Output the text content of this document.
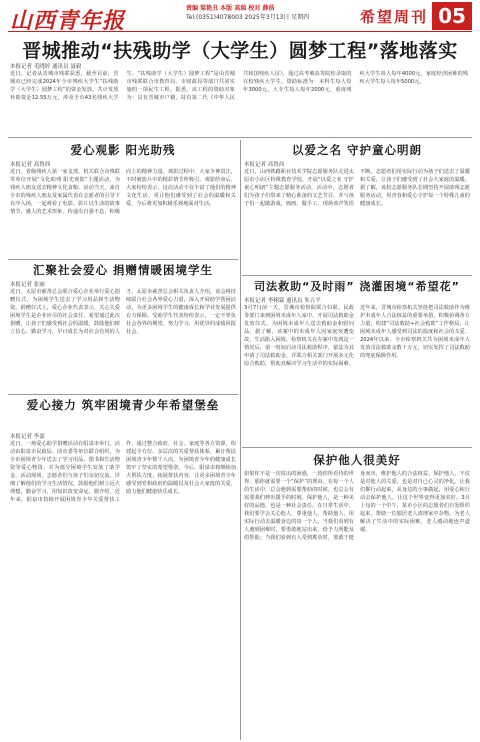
山西青年报	责编 梁艳丑 本版 高瑞 校对 薛浩
Tel:(0351)4078003 2025年3月13日 星期四	希望周刊 05
晋城推动“扶残助学（大学生）圆梦工程”落地落实
本报记者 毛晓婷 通讯员 聂毅
近日，记者从晋城市残联获悉，截至目前，晋城市已经完成2024年全市残疾大学生“扶残助学（大学生）圆梦工程”的资金发放，共计发放补助资金12.55万元，涉及全市43名残疾大学生。“扶残助学（大学生）圆梦工程”是由晋城市残联联合市教育局、市财政局等部门共同实施的一项民生工程。据悉，该工程的资助对象为：具有晋城市户籍，持有第二代《中华人民共和国残疾人证》，通过高考被高等院校录取的在校残疾大学生。资助标准为：本科生每人每年3000元，大专生每人每年2000元，重度残疾大学生每人每年4000元，家庭经济困难的残疾大学生每人每年5000元。
爱心观影 阳光助残
本报记者 高鲁西
近日，省级残疾人第一家支部，机关联合市残联等单位开展“文化助残 阳光观影”主题活动，为残疾人朋友送去精神文化食粮。活动当天，来自全市的残疾人朋友及家属代表在志愿者的引导下有序入场，一起观看了电影。影片以生动的故事情节、感人的艺术形象，传递出自强不息、积极向上的精神力量。观影过程中，大家全神贯注，不时被影片中的精彩情节所吸引。观影结束后，大家纷纷表示，这次活动不仅丰富了他们的精神文化生活，更让他们感受到了社会的温暖和关爱，今后将更加积极乐观地面对生活。
汇聚社会爱心 捐赠情暖困境学生
本报记者 张丽
近日，太原市慈善总会联合爱心企业举行爱心捐赠仪式，为困境学生送去了学习用品和生活物资。捐赠仪式上，爱心企业代表表示，关心关爱困境学生是企业应尽的社会责任，希望通过此次捐赠，让孩子们感受到社会的温暖，鼓励他们树立信心、勤奋学习，早日成长为对社会有用的人才。太原市慈善总会相关负责人介绍，该会将持续联合社会各界爱心力量，深入开展助学帮困活动，为更多困境学生的健康成长和学业发展提供有力保障。受助学生代表纷纷表示，一定不辜负社会各界的期望，努力学习，用优异的成绩回报社会。
爱心接力 筑牢困境青少年希望堡垒
本报记者 李嘉
近日，一场爱心助学捐赠活动在阳泉市举行。活动由阳泉市民政局、团市委等单位联合组织，为全市困境青少年送去了学习用品、图书和生活物资等爱心物资，并为部分困境学生发放了助学金。活动现场，志愿者们与孩子们亲切交流，详细了解他们的学习生活情况，鼓励他们树立远大理想，勤奋学习，用知识改变命运。据介绍，近年来，阳泉市持续开展困境青少年关爱帮扶工作，通过整合政府、社会、家庭等各方资源，构建起全方位、多层次的关爱帮扶体系，累计帮扶困境青少年数千人次，为困境青少年的健康成长筑牢了坚实的希望堡垒。今后，阳泉市将继续加大帮扶力度，拓展帮扶内容，让更多困境青少年感受到党和政府的温暖以及社会大家庭的关爱，助力他们健康快乐成长。
以爱之名 守护童心明朗
本报记者 高鲁西
近日，山西铁路职业技术学院志愿服务队走进太原市小店区特殊教育学校，开展“以爱之名 守护童心明朗”主题志愿服务活动。活动中，志愿者们为孩子们带来了精心准备的文艺节目，并与孩子们一起做游戏、画画、做手工，现场欢声笑语不断。志愿者们用实际行动为孩子们送去了温暖和关爱，让孩子们感受到了社会大家庭的温暖。据了解，该校志愿服务队长期坚持开展助残志愿服务活动，用青春和爱心守护每一个特殊儿童的健康成长。
司法救助“及时雨” 浇灌困境“希望花”
本报记者 李栩霖 通讯员 朱五平
3月7日前一天，晋城市检察院联合妇联、民政等部门来到困境未成年人家中，开展司法救助金发放仪式，为困境未成年人送去救助金和慰问品。据了解，该案中的未成年人因家庭突遭变故，生活陷入困境。检察机关在办案中发现这一情况后，第一时间启动司法救助程序，依法为其申请了司法救助金，并联合相关部门开展多元化综合救助，帮助其解决学习生活中的实际困难。近年来，晋城市检察机关坚持把司法救助作为维护未成年人合法权益的重要举措，积极协调各方力量，构建“司法救助+社会救助”工作格局，让困境未成年人感受到司法的温度和社会的关爱。2024年以来，全市检察机关共为困境未成年人发放司法救助金数十万元，切实发挥了司法救助的兜底保障作用。
保护他人很美好
如果你不是一次说出的困惑，一段你所看待的世界，那你就需要一个“保护”的理由。在每一个人的生活中，总会遇到需要帮助的时候，也总会有需要我们伸出援手的时刻。保护他人，是一种美好的品德，也是一种社会责任。在日常生活中，我们要学会关心他人、尊重他人、帮助他人，用实际行动去温暖身边的每一个人。当我们看到有人遇到困难时，要勇敢地站出来，给予力所能及的帮助；当我们看到有人受到欺负时，要敢于挺身而出，维护他人的合法权益。保护他人，不仅是对他人的关爱，也是对自己心灵的净化。让我们都行动起来，从身边的小事做起，用爱心和行动去保护他人，让这个世界变得更加美好。3月上旬的一个中午，某市小区的志愿者们自发组织起来，帮助一位独居老人清理家中杂物，为老人解决了生活中的实际困难，老人感动地连声道谢。
